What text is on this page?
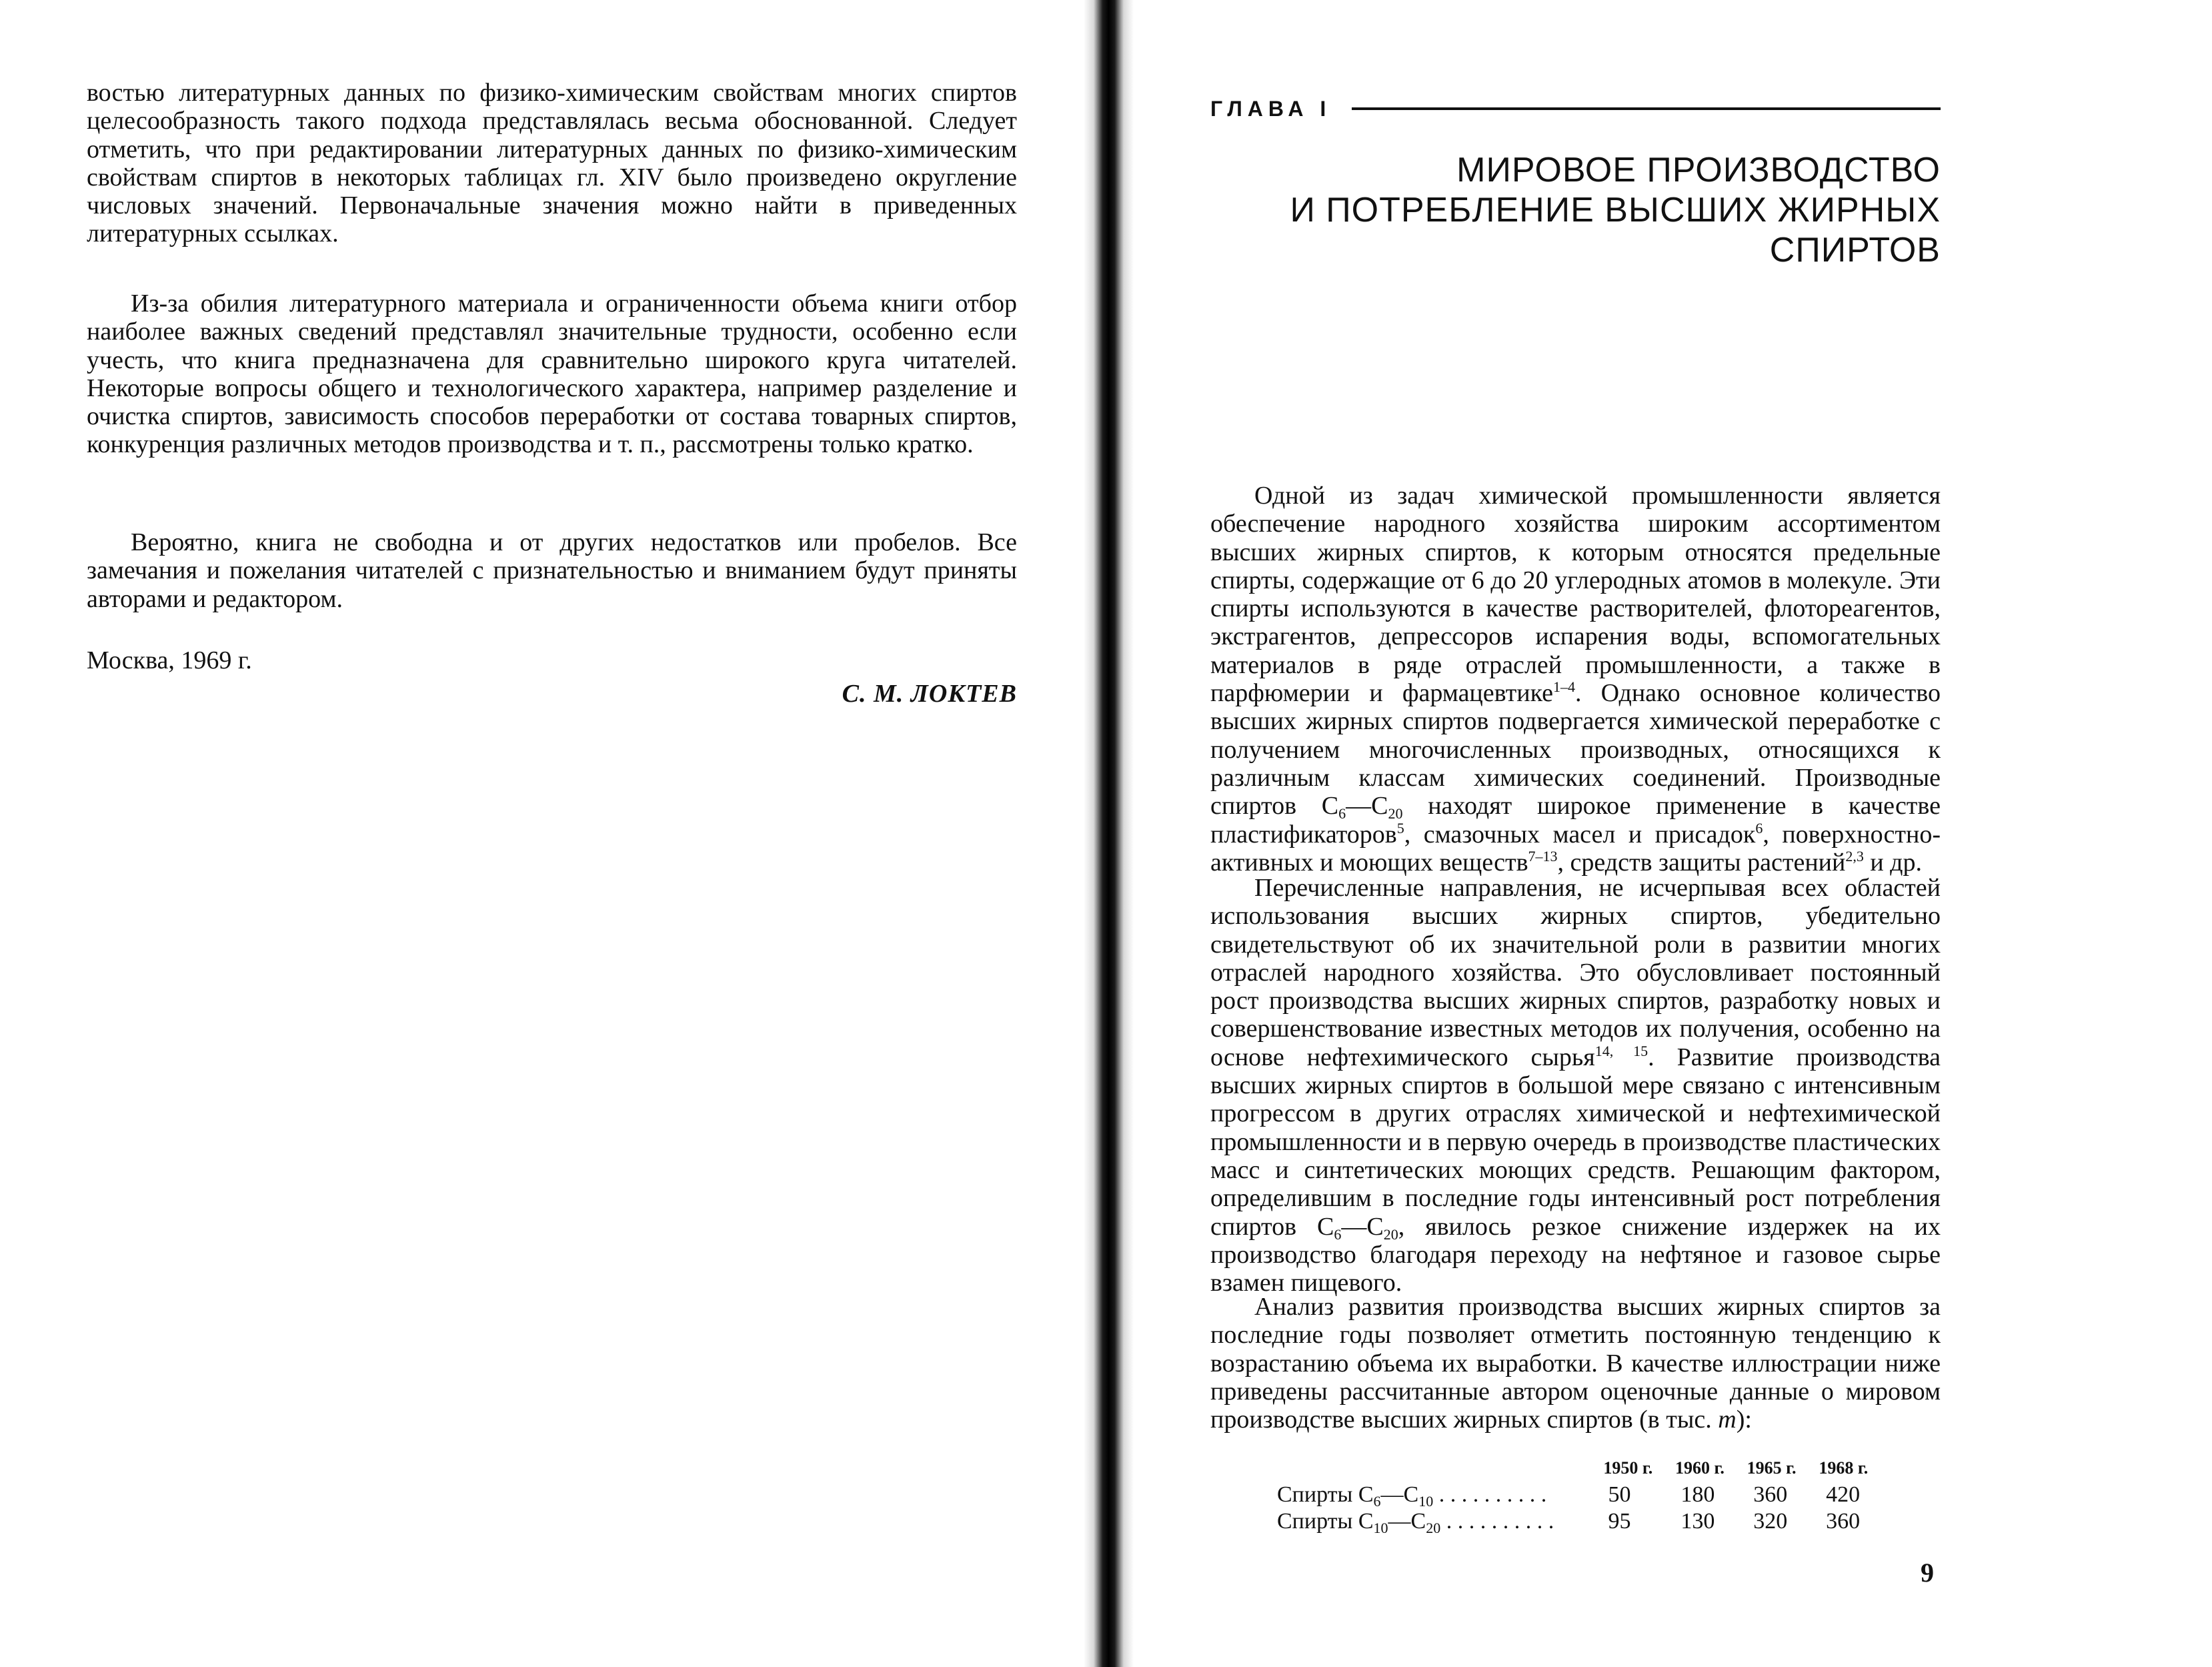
востью литературных данных по физико-химическим свойствам многих спиртов целесообразность такого подхода представлялась весьма обоснованной. Следует отметить, что при редактировании литературных данных по физико-химическим свойствам спиртов в некоторых таблицах гл. XIV было произведено округление числовых значений. Первоначальные значения можно найти в приведенных литературных ссылках.

Из-за обилия литературного материала и ограниченности объема книги отбор наиболее важных сведений представлял значительные трудности, особенно если учесть, что книга предназначена для сравнительно широкого круга читателей. Некоторые вопросы общего и технологического характера, например разделение и очистка спиртов, зависимость способов переработки от состава товарных спиртов, конкуренция различных методов производства и т. п., рассмотрены только кратко.

Вероятно, книга не свободна и от других недостатков или пробелов. Все замечания и пожелания читателей с признательностью и вниманием будут приняты авторами и редактором.

Москва, 1969 г.
С. М. ЛОКТЕВ
ГЛАВА I
МИРОВОЕ ПРОИЗВОДСТВО
И ПОТРЕБЛЕНИЕ ВЫСШИХ ЖИРНЫХ
СПИРТОВ

Одной из задач химической промышленности является обеспечение народного хозяйства широким ассортиментом высших жирных спиртов, к которым относятся предельные спирты, содержащие от 6 до 20 углеродных атомов в молекуле. Эти спирты используются в качестве растворителей, флотореагентов, экстрагентов, депрессоров испарения воды, вспомогательных материалов в ряде отраслей промышленности, а также в парфюмерии и фармацевтике$^{1-4}$. Однако основное количество высших жирных спиртов подвергается химической переработке с получением многочисленных производных, относящихся к различным классам химических соединений. Производные спиртов $C_6—C_{20}$ находят широкое применение в качестве пластификаторов$^5$, смазочных масел и присадок$^6$, поверхностно-активных и моющих веществ$^{7-13}$, средств защиты растений$^{2,3}$ и др.

Перечисленные направления, не исчерпывая всех областей использования высших жирных спиртов, убедительно свидетельствуют об их значительной роли в развитии многих отраслей народного хозяйства. Это обусловливает постоянный рост производства высших жирных спиртов, разработку новых и совершенствование известных методов их получения, особенно на основе нефтехимического сырья$^{14, 15}$. Развитие производства высших жирных спиртов в большой мере связано с интенсивным прогрессом в других отраслях химической и нефтехимической промышленности и в первую очередь в производстве пластических масс и синтетических моющих средств. Решающим фактором, определившим в последние годы интенсивный рост потребления спиртов $C_6—C_{20}$, явилось резкое снижение издержек на их производство благодаря переходу на нефтяное и газовое сырье взамен пищевого.

Анализ развития производства высших жирных спиртов за последние годы позволяет отметить постоянную тенденцию к возрастанию объема их выработки. В качестве иллюстрации ниже приведены рассчитанные автором оценочные данные о мировом производстве высших жирных спиртов (в тыс. т):

1950 г.	1960 г.	1965 г.	1968 г.
Спирты $C_6—C_{10}$ . . . . . . . . . .	50	180	360	420
Спирты $C_{10}—C_{20}$ . . . . . . . . . .	95	130	320	360
9
